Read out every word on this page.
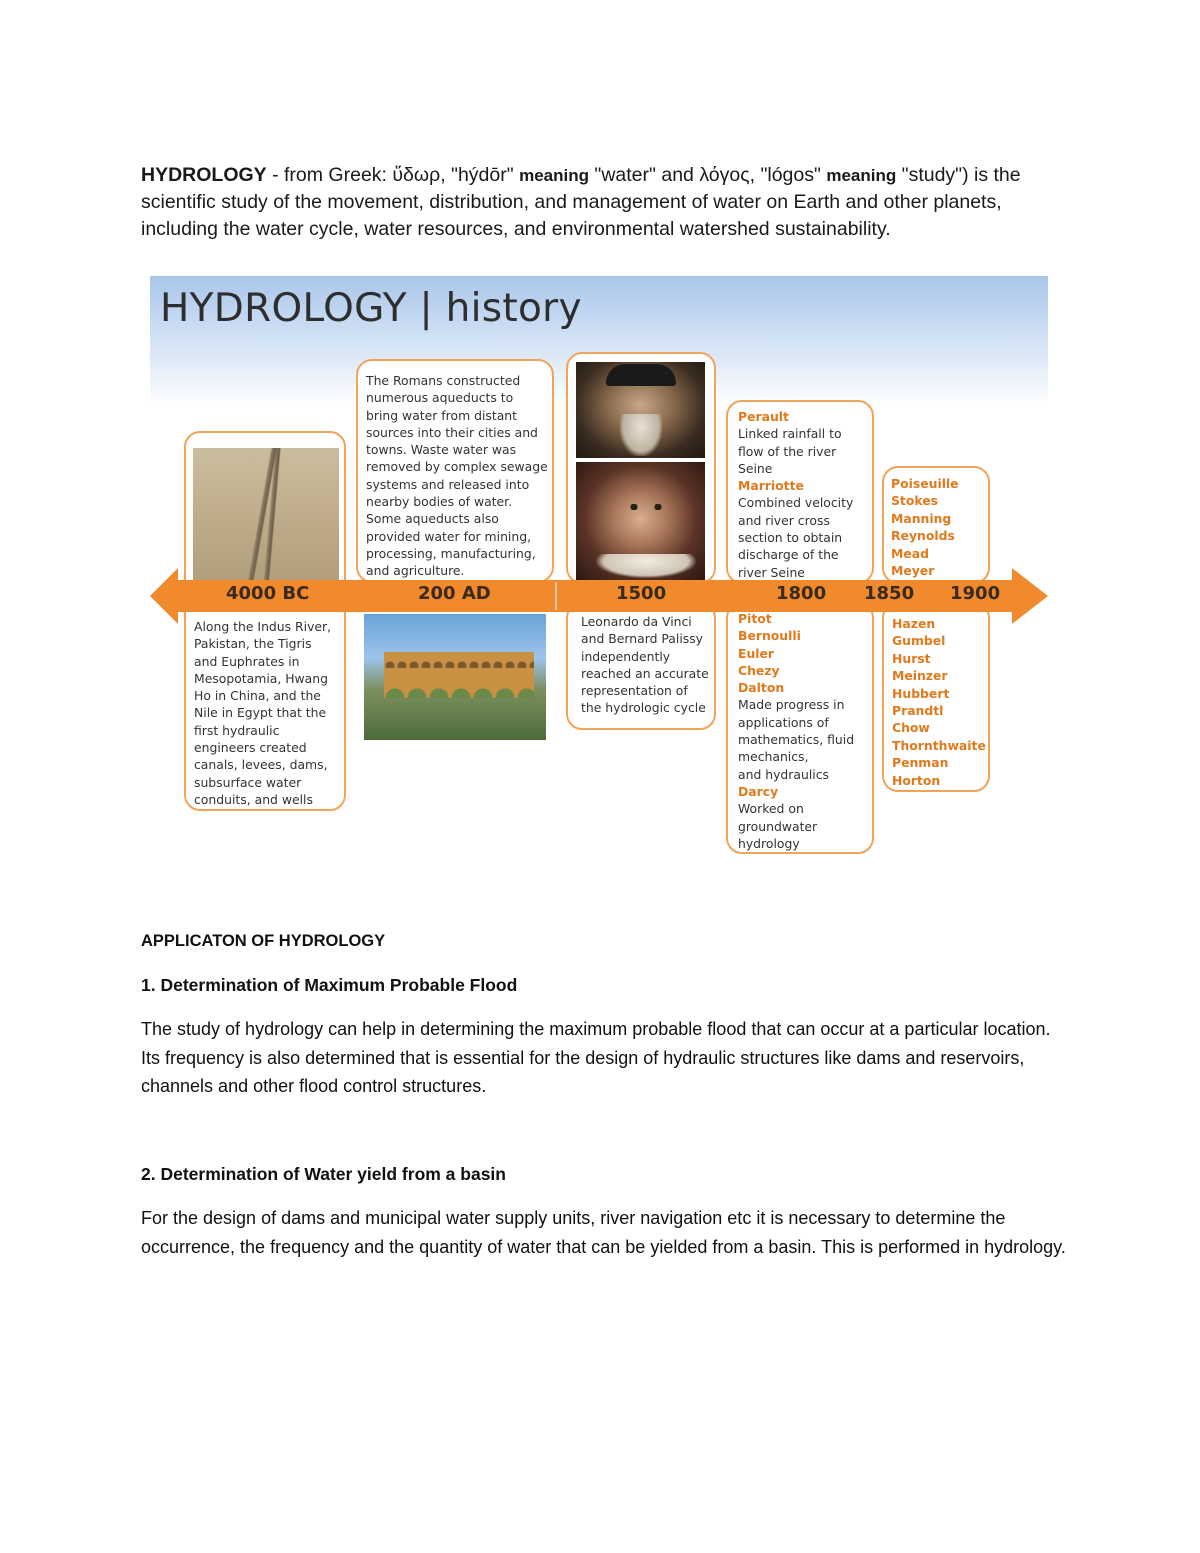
HYDROLOGY - from Greek: ὕδωρ, "hýdōr" meaning "water" and λόγος, "lógos" meaning "study") is the scientific study of the movement, distribution, and management of water on Earth and other planets, including the water cycle, water resources, and environmental watershed sustainability.

HYDROLOGY | history
4000 BC	200 AD	1500	1800 1850 1900
Along the Indus River,
Pakistan, the Tigris
and Euphrates in
Mesopotamia, Hwang
Ho in China, and the
Nile in Egypt that the
first hydraulic
engineers created
canals, levees, dams,
subsurface water
conduits, and wells
The Romans constructed
numerous aqueducts to
bring water from distant
sources into their cities and
towns. Waste water was
removed by complex sewage
systems and released into
nearby bodies of water.
Some aqueducts also
provided water for mining,
processing, manufacturing,
and agriculture.
Leonardo da Vinci
and Bernard Palissy
independently
reached an accurate
representation of
the hydrologic cycle
Perault
Linked rainfall to
flow of the river
Seine
Marriotte
Combined velocity
and river cross
section to obtain
discharge of the
river Seine
Pitot
Bernoulli
Euler
Chezy
Dalton
Made progress in
applications of
mathematics, fluid
mechanics,
and hydraulics
Darcy
Worked on
groundwater
hydrology
Poiseuille
Stokes
Manning
Reynolds
Mead
Meyer
Hazen
Gumbel
Hurst
Meinzer
Hubbert
Prandtl
Chow
Thornthwaite
Penman
Horton
APPLICATON OF HYDROLOGY
1. Determination of Maximum Probable Flood

The study of hydrology can help in determining the maximum probable flood that can occur at a particular location. Its frequency is also determined that is essential for the design of hydraulic structures like dams and reservoirs, channels and other flood control structures.

2. Determination of Water yield from a basin

For the design of dams and municipal water supply units, river navigation etc it is necessary to determine the occurrence, the frequency and the quantity of water that can be yielded from a basin. This is performed in hydrology.
